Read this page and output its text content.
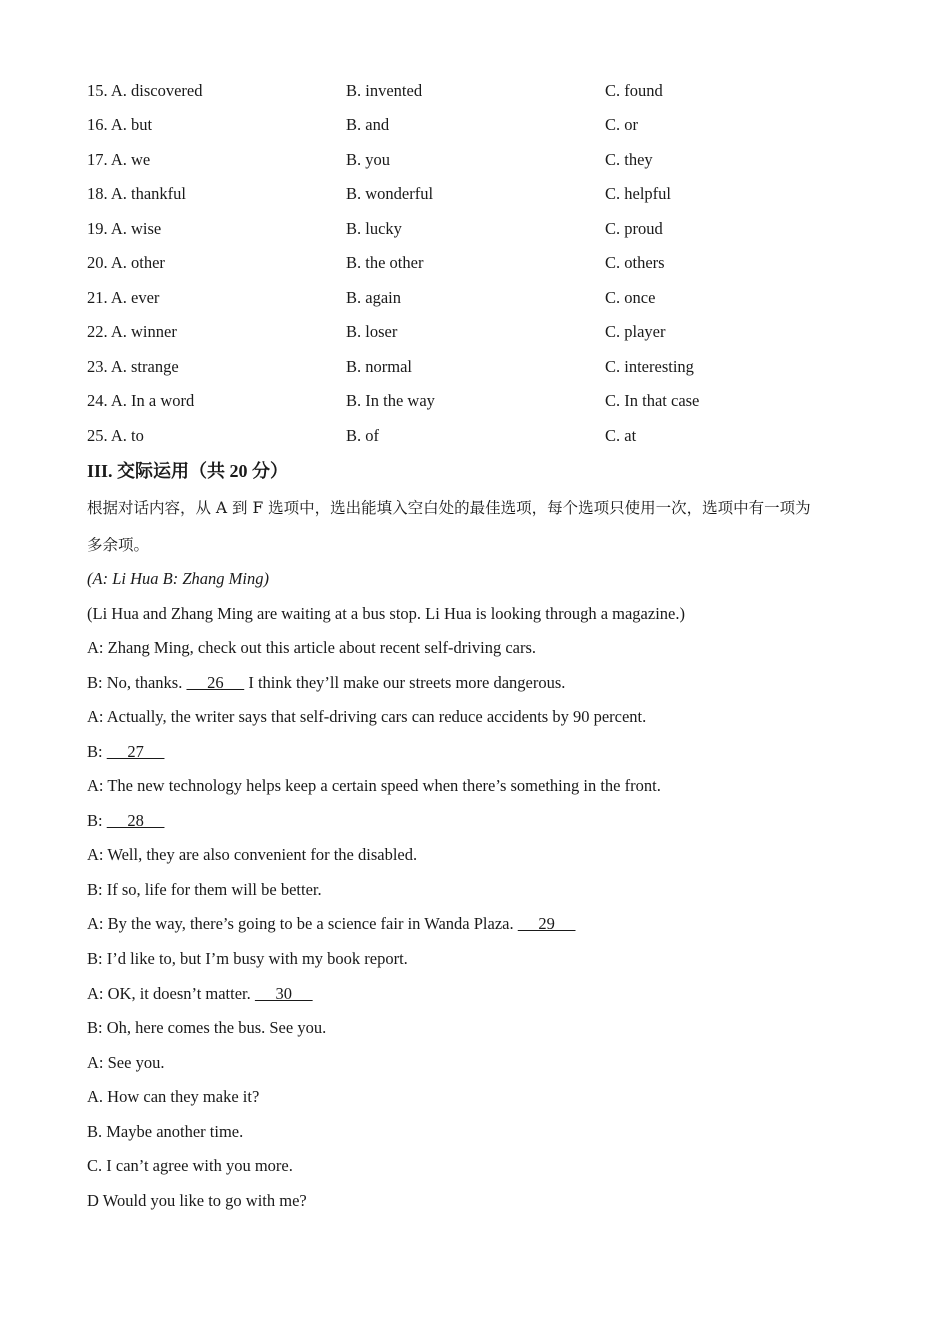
15. A. discovered	B. invented	C. found
16. A. but	B. and	C. or
17. A. we	B. you	C. they
18. A. thankful	B. wonderful	C. helpful
19. A. wise	B. lucky	C. proud
20. A. other	B. the other	C. others
21. A. ever	B. again	C. once
22. A. winner	B. loser	C. player
23. A. strange	B. normal	C. interesting
24. A. In a word	B. In the way	C. In that case
25. A. to	B. of	C. at
III. 交际运用（共 20 分）
根据对话内容，从 A 到 F 选项中，选出能填入空白处的最佳选项，每个选项只使用一次，选项中有一项为
多余项。
(A: Li Hua B: Zhang Ming)
(Li Hua and Zhang Ming are waiting at a bus stop. Li Hua is looking through a magazine.)
A: Zhang Ming, check out this article about recent self-driving cars.
B: No, thanks.      26      I think they’ll make our streets more dangerous.
A: Actually, the writer says that self-driving cars can reduce accidents by 90 percent.
B:      27
A: The new technology helps keep a certain speed when there’s something in the front.
B:      28
A: Well, they are also convenient for the disabled.
B: If so, life for them will be better.
A: By the way, there’s going to be a science fair in Wanda Plaza.      29
B: I’d like to, but I’m busy with my book report.
A: OK, it doesn’t matter.      30
B: Oh, here comes the bus. See you.
A: See you.
A. How can they make it?
B. Maybe another time.
C. I can’t agree with you more.
D Would you like to go with me?
